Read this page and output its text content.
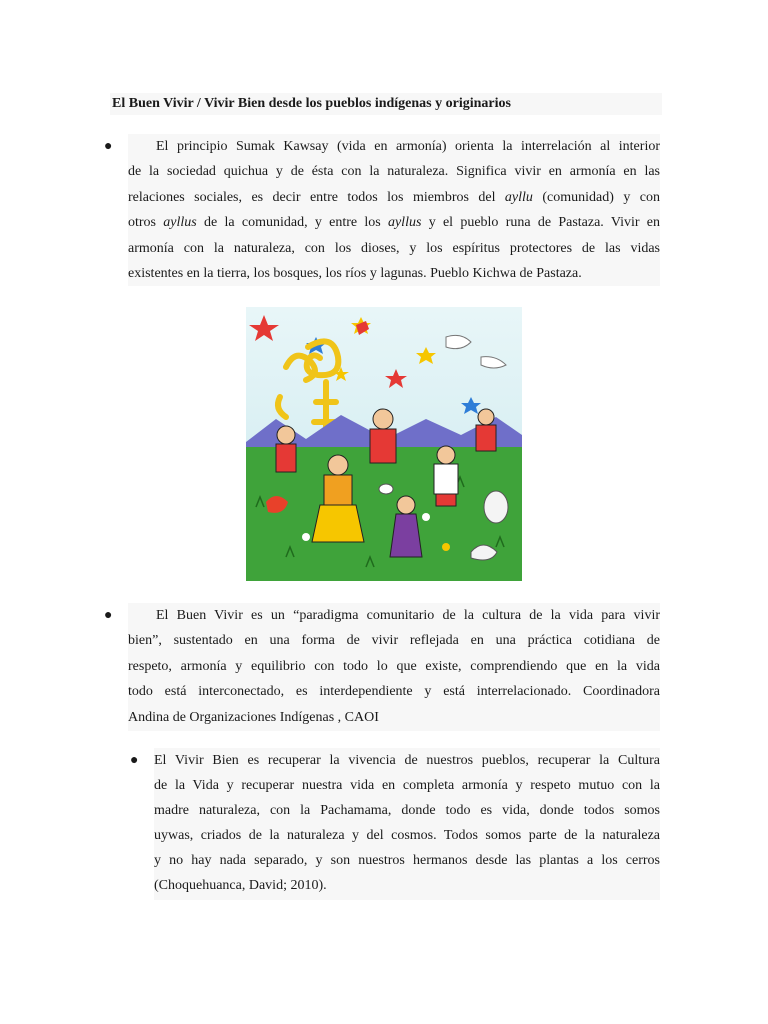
El Buen Vivir / Vivir Bien desde los pueblos indígenas y originarios
●	El principio Sumak Kawsay (vida en armonía) orienta la interrelación al interior
de la sociedad quichua y de ésta con la naturaleza. Significa vivir en armonía en las
relaciones sociales, es decir entre todos los miembros del ayllu (comunidad) y con
otros ayllus de la comunidad, y entre los ayllus y el pueblo runa de Pastaza. Vivir en
armonía con la naturaleza, con los dioses, y los espíritus protectores de las vidas
existentes en la tierra, los bosques, los ríos y lagunas. Pueblo Kichwa de Pastaza.
●	El Buen Vivir es un “paradigma comunitario de la cultura de la vida para vivir
bien”, sustentado en una forma de vivir reflejada en una práctica cotidiana de
respeto, armonía y equilibrio con todo lo que existe, comprendiendo que en la vida
todo está interconectado, es interdependiente y está interrelacionado. Coordinadora
Andina de Organizaciones Indígenas , CAOI
● El Vivir Bien es recuperar la vivencia de nuestros pueblos, recuperar la Cultura
de la Vida y recuperar nuestra vida en completa armonía y respeto mutuo con la
madre naturaleza, con la Pachamama, donde todo es vida, donde todos somos
uywas, criados de la naturaleza y del cosmos. Todos somos parte de la naturaleza
y no hay nada separado, y son nuestros hermanos desde las plantas a los cerros
(Choquehuanca, David; 2010).
